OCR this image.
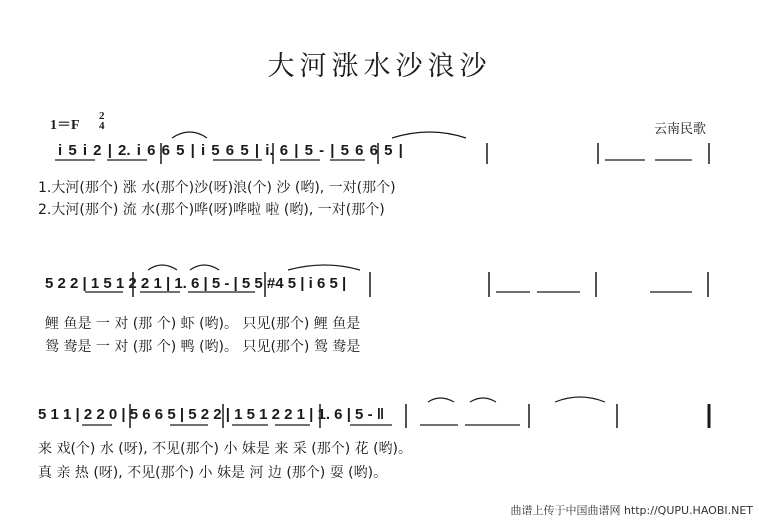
大河涨水沙浪沙
1＝F
2
4	云南民歌
i 5 i 2 | 2. i 6 6 5 | i 5 6 5 | i. 6 | 5 - | 5 6 6 5 |
1.大河(那个) 涨 水(那个)沙(呀)浪(个) 沙 (哟), 一对(那个)
2.大河(那个) 流 水(那个)哗(呀)哗啦 啦 (哟), 一对(那个)
5 2 2 | 1 5 1 2 2 1 | 1. 6 | 5 - | 5 5 #4 5 | i 6 5 |
鲤 鱼是 一 对 (那 个) 虾 (哟)。 只见(那个) 鲤 鱼是
鸳 鸯是 一 对 (那 个) 鸭 (哟)。 只见(那个) 鸳 鸯是
5 1 1 | 2 2 0 | 5 6 6 5 | 5 2 2 | 1 5 1 2 2 1 | 1. 6 | 5 - ‖
来 戏(个) 水 (呀), 不见(那个) 小 妹是 来 采 (那个) 花 (哟)。
真 亲 热 (呀), 不见(那个) 小 妹是 河 边 (那个) 耍 (哟)。
曲谱上传于中国曲谱网 http://QUPU.HAOBI.NET
